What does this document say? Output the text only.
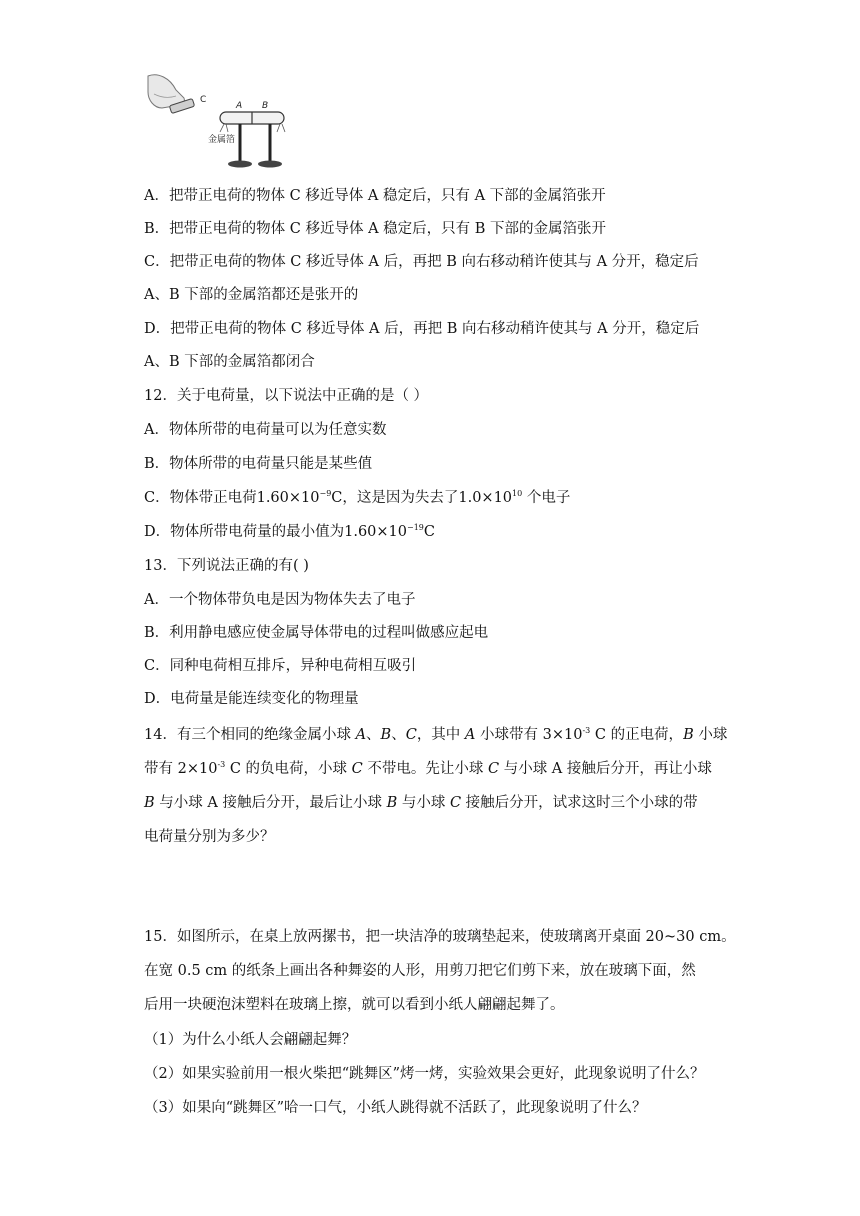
C
A B
金属箔
A．把带正电荷的物体 C 移近导体 A 稳定后，只有 A 下部的金属箔张开
B．把带正电荷的物体 C 移近导体 A 稳定后，只有 B 下部的金属箔张开
C．把带正电荷的物体 C 移近导体 A 后，再把 B 向右移动稍许使其与 A 分开，稳定后
A、B 下部的金属箔都还是张开的
D．把带正电荷的物体 C 移近导体 A 后，再把 B 向右移动稍许使其与 A 分开，稳定后
A、B 下部的金属箔都闭合
12．关于电荷量，以下说法中正确的是（ ）
A．物体所带的电荷量可以为任意实数
B．物体所带的电荷量只能是某些值
C．物体带正电荷$1.60\times 10^{-9}C$，这是因为失去了$1.0\times 10^{10}$ 个电子
D．物体所带电荷量的最小值为$1.60\times 10^{-19}C$
13．下列说法正确的有( )
A．一个物体带负电是因为物体失去了电子
B．利用静电感应使金属导体带电的过程叫做感应起电
C．同种电荷相互排斥，异种电荷相互吸引
D．电荷量是能连续变化的物理量
14．有三个相同的绝缘金属小球 A、B、C，其中 A 小球带有 $3\times 10^{-3}$ C 的正电荷，B 小球
带有 $2\times 10^{-3}$ C 的负电荷，小球 C 不带电。先让小球 C 与小球 A 接触后分开，再让小球
B 与小球 A 接触后分开，最后让小球 B 与小球 C 接触后分开，试求这时三个小球的带
电荷量分别为多少？
15．如图所示，在桌上放两摞书，把一块洁净的玻璃垫起来，使玻璃离开桌面 20~30 cm。
在宽 0.5 cm 的纸条上画出各种舞姿的人形，用剪刀把它们剪下来，放在玻璃下面，然
后用一块硬泡沫塑料在玻璃上擦，就可以看到小纸人翩翩起舞了。
（1）为什么小纸人会翩翩起舞？
（2）如果实验前用一根火柴把“跳舞区”烤一烤，实验效果会更好，此现象说明了什么？
（3）如果向“跳舞区”哈一口气，小纸人跳得就不活跃了，此现象说明了什么？
